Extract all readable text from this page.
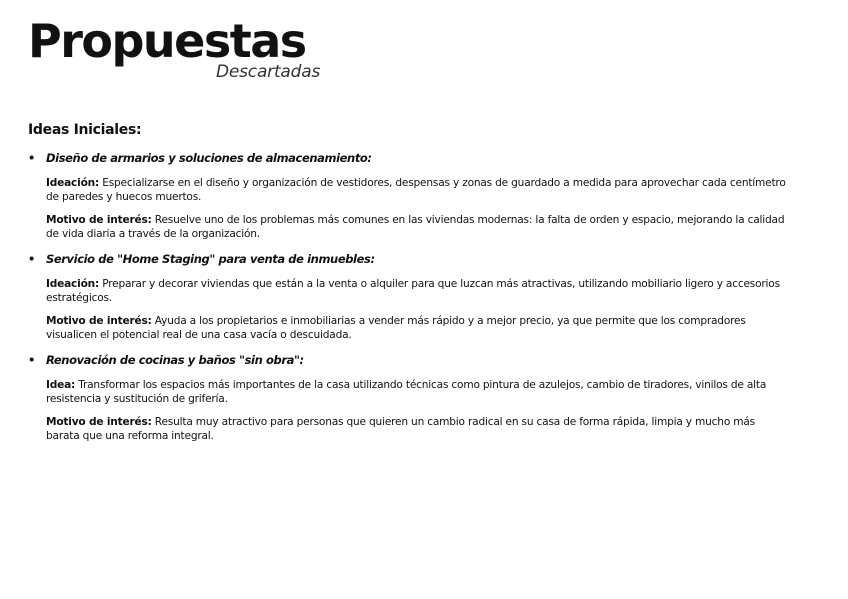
Propuestas
Descartadas
Ideas Iniciales:
• Diseño de armarios y soluciones de almacenamiento:

Ideación: Especializarse en el diseño y organización de vestidores, despensas y zonas de guardado a medida para aprovechar cada centímetro de paredes y huecos muertos.

Motivo de interés: Resuelve uno de los problemas más comunes en las viviendas modernas: la falta de orden y espacio, mejorando la calidad de vida diaria a través de la organización.

• Servicio de "Home Staging" para venta de inmuebles:

Ideación: Preparar y decorar viviendas que están a la venta o alquiler para que luzcan más atractivas, utilizando mobiliario ligero y accesorios estratégicos.

Motivo de interés: Ayuda a los propietarios e inmobiliarias a vender más rápido y a mejor precio, ya que permite que los compradores visualicen el potencial real de una casa vacía o descuidada.

• Renovación de cocinas y baños "sin obra":

Idea: Transformar los espacios más importantes de la casa utilizando técnicas como pintura de azulejos, cambio de tiradores, vinilos de alta resistencia y sustitución de grifería.

Motivo de interés: Resulta muy atractivo para personas que quieren un cambio radical en su casa de forma rápida, limpia y mucho más barata que una reforma integral.
